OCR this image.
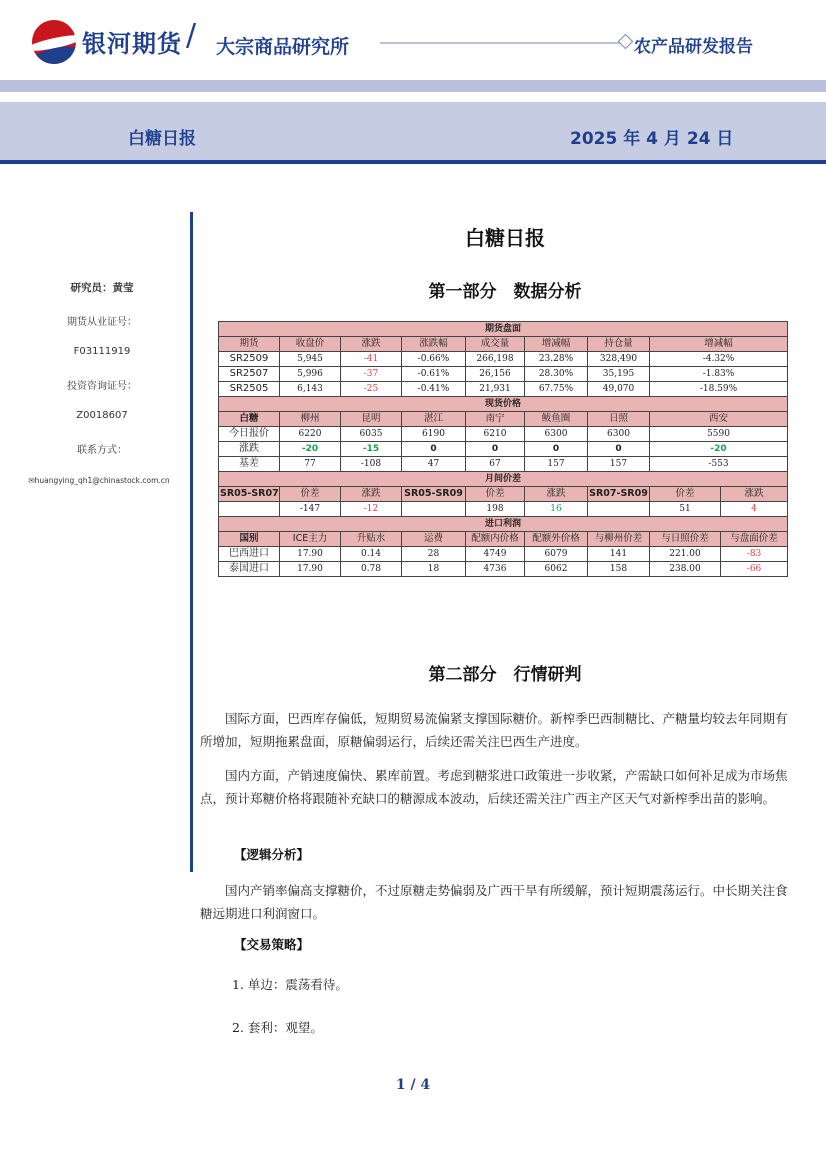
银河期货 / 大宗商品研究所	农产品研发报告
白糖日报	2025 年 4 月 24 日
研究员：黄莹
期货从业证号：
F03111919
投资咨询证号：
Z0018607
联系方式：
✉huangying_qh1@chinastock.com.cn
白糖日报
第一部分　数据分析
期货盘面								
期货	收盘价	涨跌	涨跌幅	成交量	增减幅	持仓量	增减幅	
SR2509	5,945	-41	-0.66%	266,198	23.28%	328,490	-4.32%	
SR2507	5,996	-37	-0.61%	26,156	28.30%	35,195	-1.83%	
SR2505	6,143	-25	-0.41%	21,931	67.75%	49,070	-18.59%	
现货价格								
白糖	柳州	昆明	湛江	南宁	鲅鱼圈	日照	西安	
今日报价	6220	6035	6190	6210	6300	6300	5590	
涨跌	-20	-15	0	0	0	0	-20	
基差	77	-108	47	67	157	157	-553	
月间价差								
SR05-SR07	价差	涨跌	SR05-SR09	价差	涨跌	SR07-SR09	价差	涨跌
	-147	-12		198	16		51	4
进口利润								
国别	ICE主力	升贴水	运费	配额内价格	配额外价格	与柳州价差	与日照价差	与盘面价差
巴西进口	17.90	0.14	28	4749	6079	141	221.00	-83
泰国进口	17.90	0.78	18	4736	6062	158	238.00	-66
第二部分　行情研判
国际方面，巴西库存偏低，短期贸易流偏紧支撑国际糖价。新榨季巴西制糖比、产糖量均较去年同期有所增加，短期拖累盘面，原糖偏弱运行，后续还需关注巴西生产进度。
国内方面，产销速度偏快、累库前置。考虑到糖浆进口政策进一步收紧，产需缺口如何补足成为市场焦点，预计郑糖价格将跟随补充缺口的糖源成本波动，后续还需关注广西主产区天气对新榨季出苗的影响。
【逻辑分析】
国内产销率偏高支撑糖价，不过原糖走势偏弱及广西干旱有所缓解，预计短期震荡运行。中长期关注食糖远期进口利润窗口。
【交易策略】
1. 单边：震荡看待。
2. 套利：观望。
1 / 4
